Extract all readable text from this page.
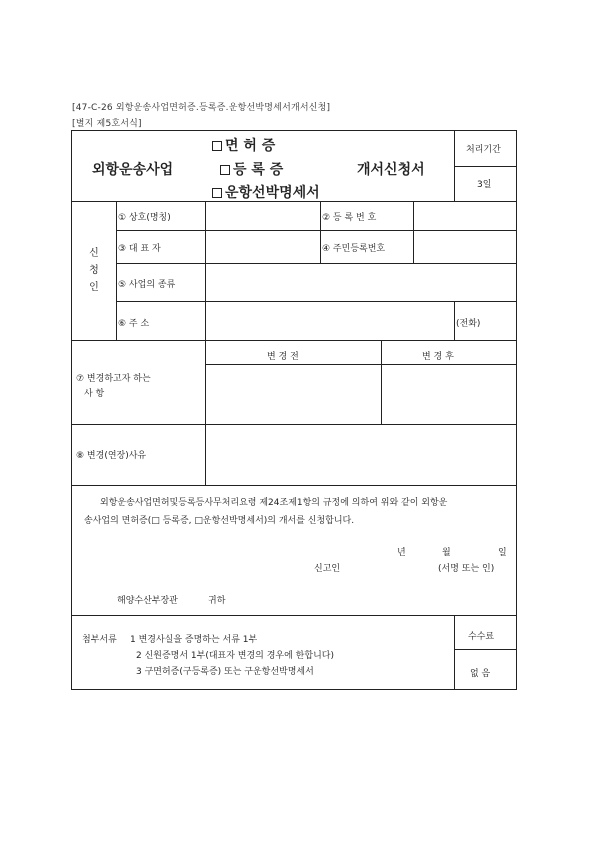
[47-C-26 외항운송사업면허증.등록증.운항선박명세서개서신청]
[별지 제5호서식]
면 허 증
외항운송사업	등 록 증	개서신청서
운항선박명세서
처리기간
3일
신
청
인
① 상호(명칭)	② 등 록 번 호
③ 대 표 자	④ 주민등록번호
⑤ 사업의 종류
⑥ 주 소	(전화)
변 경 전	변 경 후
⑦ 변경하고자 하는
사 항
⑧ 변경(연장)사유
외항운송사업면허및등록등사무처리요령 제24조제1항의 규정에 의하여 위와 같이 외항운
송사업의 면허증(□ 등록증, □운항선박명세서)의 개서를 신청합니다.
년	월	일
신고인	(서명 또는 인)
해양수산부장관	귀하
첨부서류 1 변경사실을 증명하는 서류 1부
2 신원증명서 1부(대표자 변경의 경우에 한합니다)
3 구면허증(구등록증) 또는 구운항선박명세서
수수료
없 음
